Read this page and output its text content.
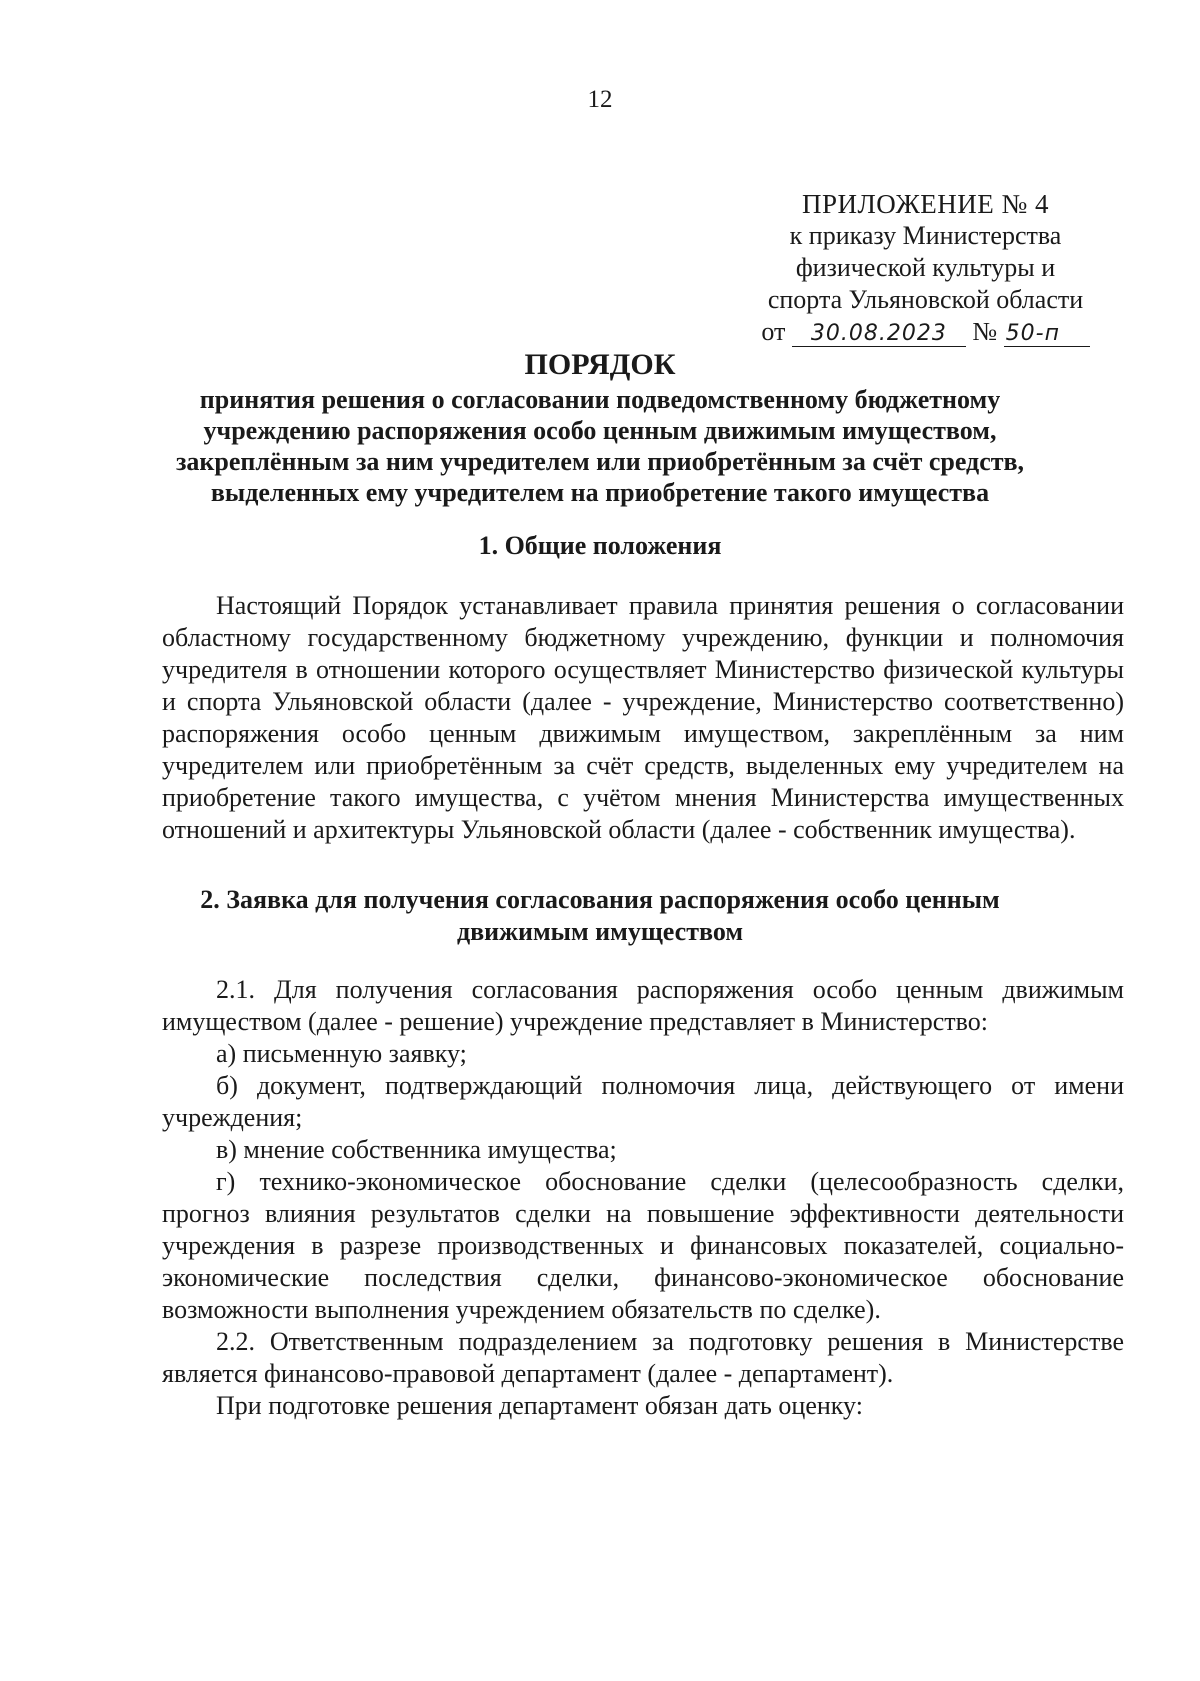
12
ПРИЛОЖЕНИЕ № 4
к приказу Министерства
физической культуры и
спорта Ульяновской области
от 30.08.2023 № 50-п
ПОРЯДОК
принятия решения о согласовании подведомственному бюджетному учреждению распоряжения особо ценным движимым имуществом, закреплённым за ним учредителем или приобретённым за счёт средств, выделенных ему учредителем на приобретение такого имущества
1. Общие положения

Настоящий Порядок устанавливает правила принятия решения о согласовании областному государственному бюджетному учреждению, функции и полномочия учредителя в отношении которого осуществляет Министерство физической культуры и спорта Ульяновской области (далее - учреждение, Министерство соответственно) распоряжения особо ценным движимым имуществом, закреплённым за ним учредителем или приобретённым за счёт средств, выделенных ему учредителем на приобретение такого имущества, с учётом мнения Министерства имущественных отношений и архитектуры Ульяновской области (далее - собственник имущества).

2. Заявка для получения согласования распоряжения особо ценным движимым имуществом

2.1. Для получения согласования распоряжения особо ценным движимым имуществом (далее - решение) учреждение представляет в Министерство:

а) письменную заявку;

б) документ, подтверждающий полномочия лица, действующего от имени учреждения;

в) мнение собственника имущества;

г) технико-экономическое обоснование сделки (целесообразность сделки, прогноз влияния результатов сделки на повышение эффективности деятельности учреждения в разрезе производственных и финансовых показателей, социально-экономические последствия сделки, финансово-экономическое обоснование возможности выполнения учреждением обязательств по сделке).

2.2. Ответственным подразделением за подготовку решения в Министерстве является финансово-правовой департамент (далее - департамент).

При подготовке решения департамент обязан дать оценку:
